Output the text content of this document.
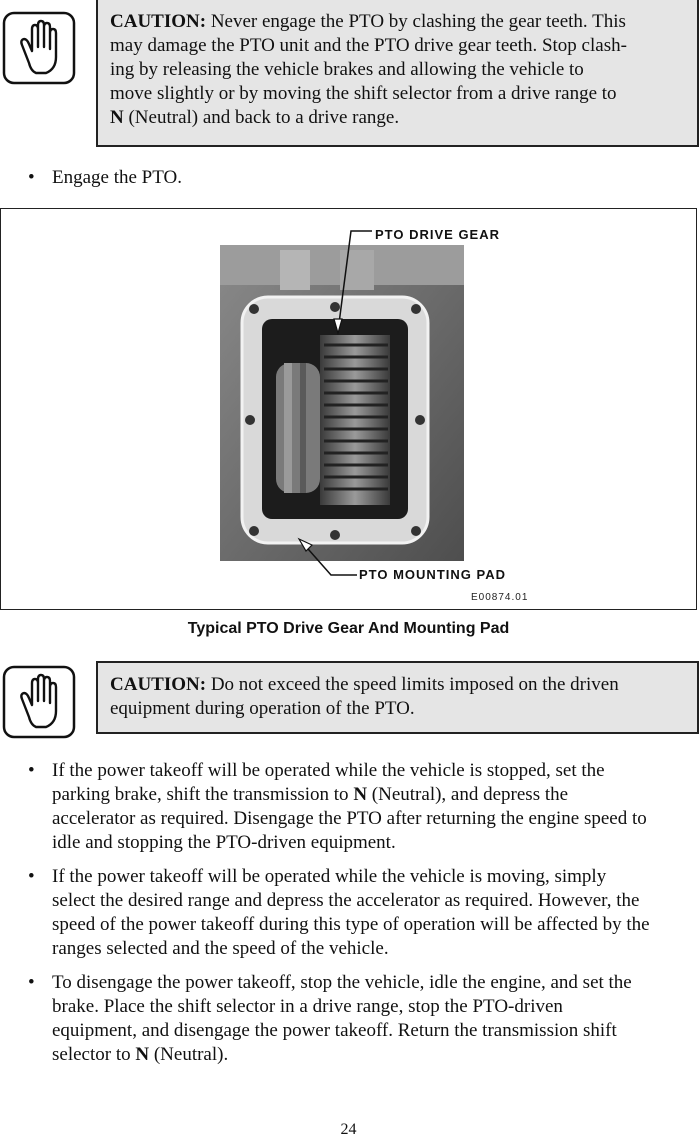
CAUTION: Never engage the PTO by clashing the gear teeth. This
may damage the PTO unit and the PTO drive gear teeth. Stop clash-
ing by releasing the vehicle brakes and allowing the vehicle to
move slightly or by moving the shift selector from a drive range to
N (Neutral) and back to a drive range.
• Engage the PTO.
PTO DRIVE GEAR
PTO MOUNTING PAD
E00874.01
Typical PTO Drive Gear And Mounting Pad
CAUTION: Do not exceed the speed limits imposed on the driven
equipment during operation of the PTO.
• If the power takeoff will be operated while the vehicle is stopped, set the
parking brake, shift the transmission to N (Neutral), and depress the
accelerator as required. Disengage the PTO after returning the engine speed to
idle and stopping the PTO-driven equipment.
• If the power takeoff will be operated while the vehicle is moving, simply
select the desired range and depress the accelerator as required. However, the
speed of the power takeoff during this type of operation will be affected by the
ranges selected and the speed of the vehicle.
• To disengage the power takeoff, stop the vehicle, idle the engine, and set the
brake. Place the shift selector in a drive range, stop the PTO-driven
equipment, and disengage the power takeoff. Return the transmission shift
selector to N (Neutral).
24
